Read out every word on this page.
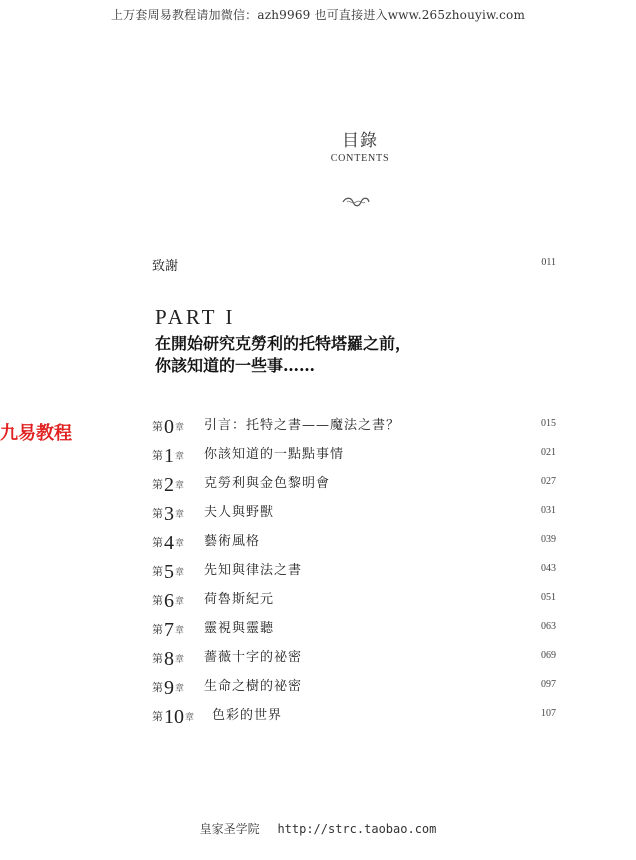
上万套周易教程请加微信：azh9969 也可直接进入www.265zhouyiw.com
目錄
CONTENTS
致謝	011
PART I
在開始研究克勞利的托特塔羅之前，
你該知道的一些事……
九易教程	第0章 引言：托特之書——魔法之書？	015
第1章 你該知道的一點點事情	021
第2章 克勞利與金色黎明會	027
第3章 夫人與野獸	031
第4章 藝術風格	039
第5章 先知與律法之書	043
第6章 荷魯斯紀元	051
第7章 靈視與靈聽	063
第8章 薔薇十字的祕密	069
第9章 生命之樹的祕密	097
第10章 色彩的世界	107
皇家圣学院 http://strc.taobao.com
